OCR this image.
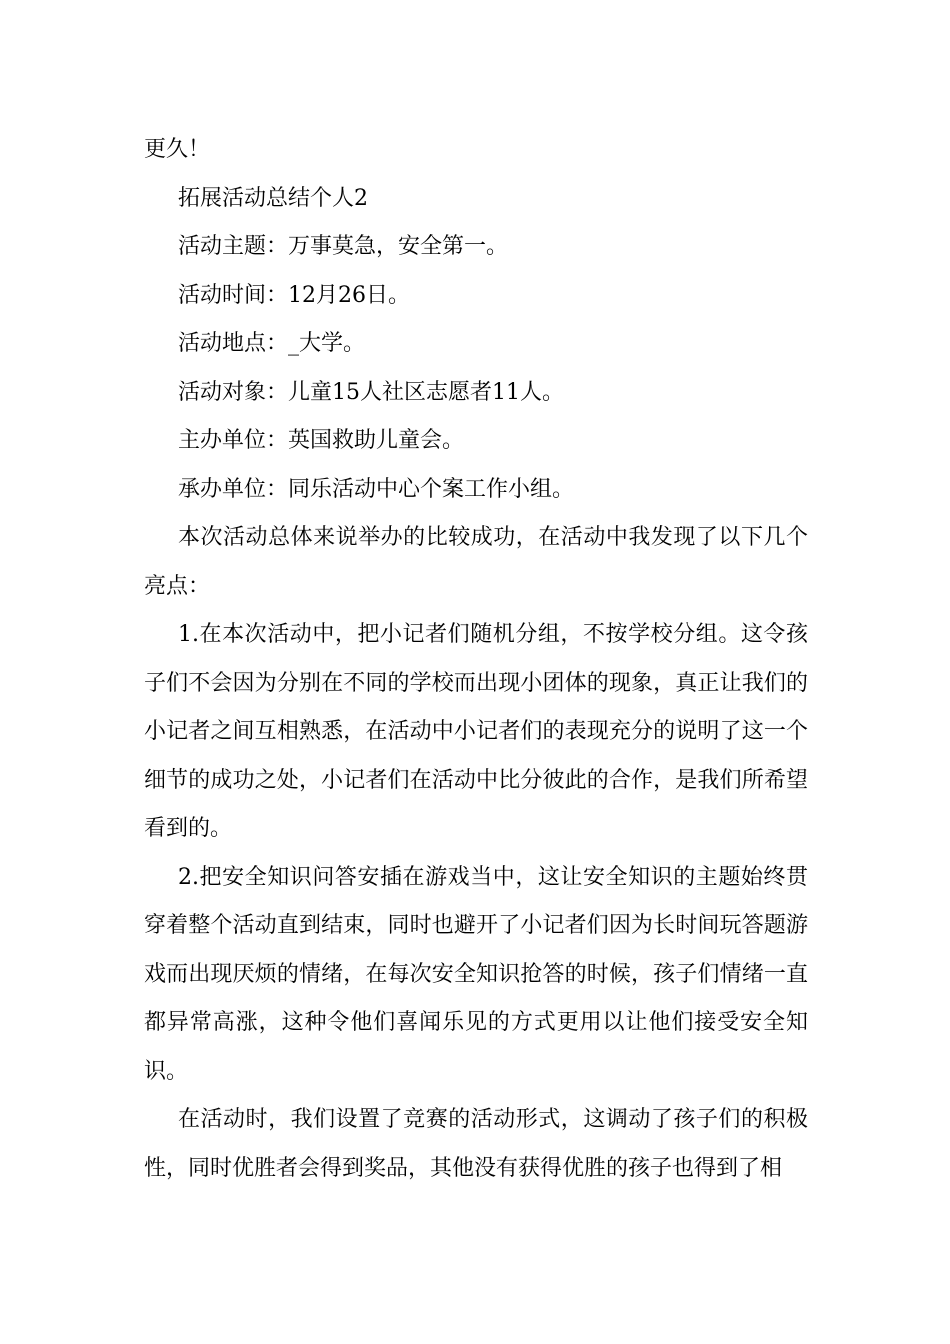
更久！

拓展活动总结个人2

活动主题：万事莫急，安全第一。

活动时间：12月26日。

活动地点：_大学。

活动对象：儿童15人社区志愿者11人。

主办单位：英国救助儿童会。

承办单位：同乐活动中心个案工作小组。

本次活动总体来说举办的比较成功，在活动中我发现了以下几个亮点：

1.在本次活动中，把小记者们随机分组，不按学校分组。这令孩子们不会因为分别在不同的学校而出现小团体的现象，真正让我们的小记者之间互相熟悉，在活动中小记者们的表现充分的说明了这一个细节的成功之处，小记者们在活动中比分彼此的合作，是我们所希望看到的。

2.把安全知识问答安插在游戏当中，这让安全知识的主题始终贯穿着整个活动直到结束，同时也避开了小记者们因为长时间玩答题游戏而出现厌烦的情绪，在每次安全知识抢答的时候，孩子们情绪一直都异常高涨，这种令他们喜闻乐见的方式更用以让他们接受安全知识。

在活动时，我们设置了竞赛的活动形式，这调动了孩子们的积极性，同时优胜者会得到奖品，其他没有获得优胜的孩子也得到了相
